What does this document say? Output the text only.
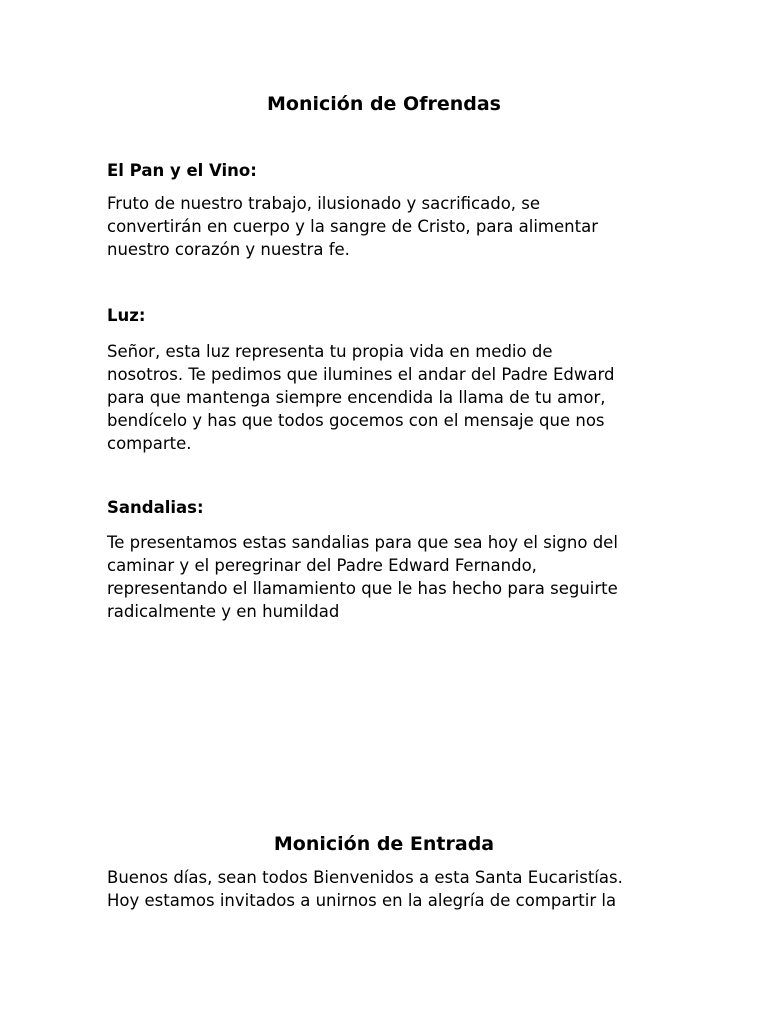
Monición de Ofrendas
El Pan y el Vino:

Fruto de nuestro trabajo, ilusionado y sacrificado, se
convertirán en cuerpo y la sangre de Cristo, para alimentar
nuestro corazón y nuestra fe.

Luz:

Señor, esta luz representa tu propia vida en medio de
nosotros. Te pedimos que ilumines el andar del Padre Edward
para que mantenga siempre encendida la llama de tu amor,
bendícelo y has que todos gocemos con el mensaje que nos
comparte.

Sandalias:

Te presentamos estas sandalias para que sea hoy el signo del
caminar y el peregrinar del Padre Edward Fernando,
representando el llamamiento que le has hecho para seguirte
radicalmente y en humildad

Monición de Entrada

Buenos días, sean todos Bienvenidos a esta Santa Eucaristías.
Hoy estamos invitados a unirnos en la alegría de compartir la
